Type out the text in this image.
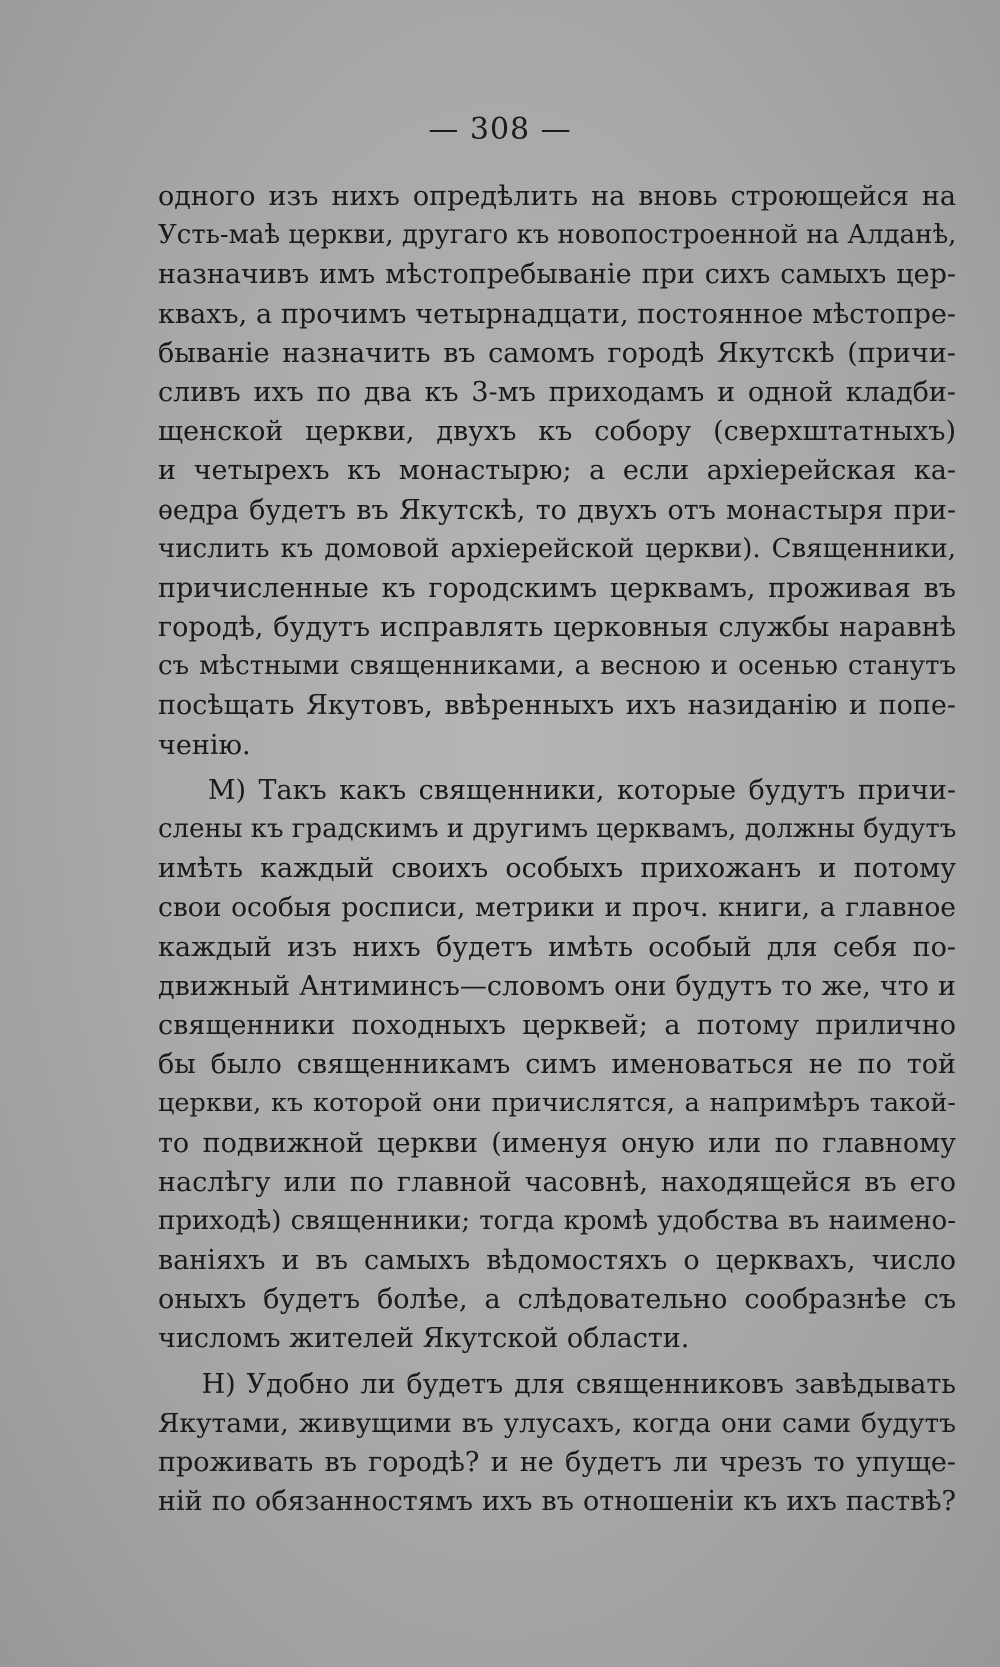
— 308 —
одного изъ нихъ опредѣлить на вновь строющейся на
Усть-маѣ церкви, другаго къ новопостроенной на Алданѣ,
назначивъ имъ мѣстопребываніе при сихъ самыхъ цер-
квахъ, а прочимъ четырнадцати, постоянное мѣстопре-
бываніе назначить въ самомъ городѣ Якутскѣ (причи-
сливъ ихъ по два къ 3-мъ приходамъ и одной кладби-
щенской церкви, двухъ къ собору (сверхштатныхъ)
и четырехъ къ монастырю; а если архіерейская ка-
ѳедра будетъ въ Якутскѣ, то двухъ отъ монастыря при-
числить къ домовой архіерейской церкви). Священники,
причисленные къ городскимъ церквамъ, проживая въ
городѣ, будутъ исправлять церковныя службы наравнѣ
съ мѣстными священниками, а весною и осенью станутъ
посѣщать Якутовъ, ввѣренныхъ ихъ назиданію и попе-
ченію.
М) Такъ какъ священники, которые будутъ причи-
слены къ градскимъ и другимъ церквамъ, должны будутъ
имѣть каждый своихъ особыхъ прихожанъ и потому
свои особыя росписи, метрики и проч. книги, а главное
каждый изъ нихъ будетъ имѣть особый для себя по-
движный Антиминсъ—словомъ они будутъ то же, что и
священники походныхъ церквей; а потому прилично
бы было священникамъ симъ именоваться не по той
церкви, къ которой они причислятся, а напримѣръ такой-
то подвижной церкви (именуя оную или по главному
наслѣгу или по главной часовнѣ, находящейся въ его
приходѣ) священники; тогда кромѣ удобства въ наимено-
ваніяхъ и въ самыхъ вѣдомостяхъ о церквахъ, число
оныхъ будетъ болѣе, а слѣдовательно сообразнѣе съ
числомъ жителей Якутской области.
Н) Удобно ли будетъ для священниковъ завѣдывать
Якутами, живущими въ улусахъ, когда они сами будутъ
проживать въ городѣ? и не будетъ ли чрезъ то упуще-
ній по обязанностямъ ихъ въ отношеніи къ ихъ паствѣ?
